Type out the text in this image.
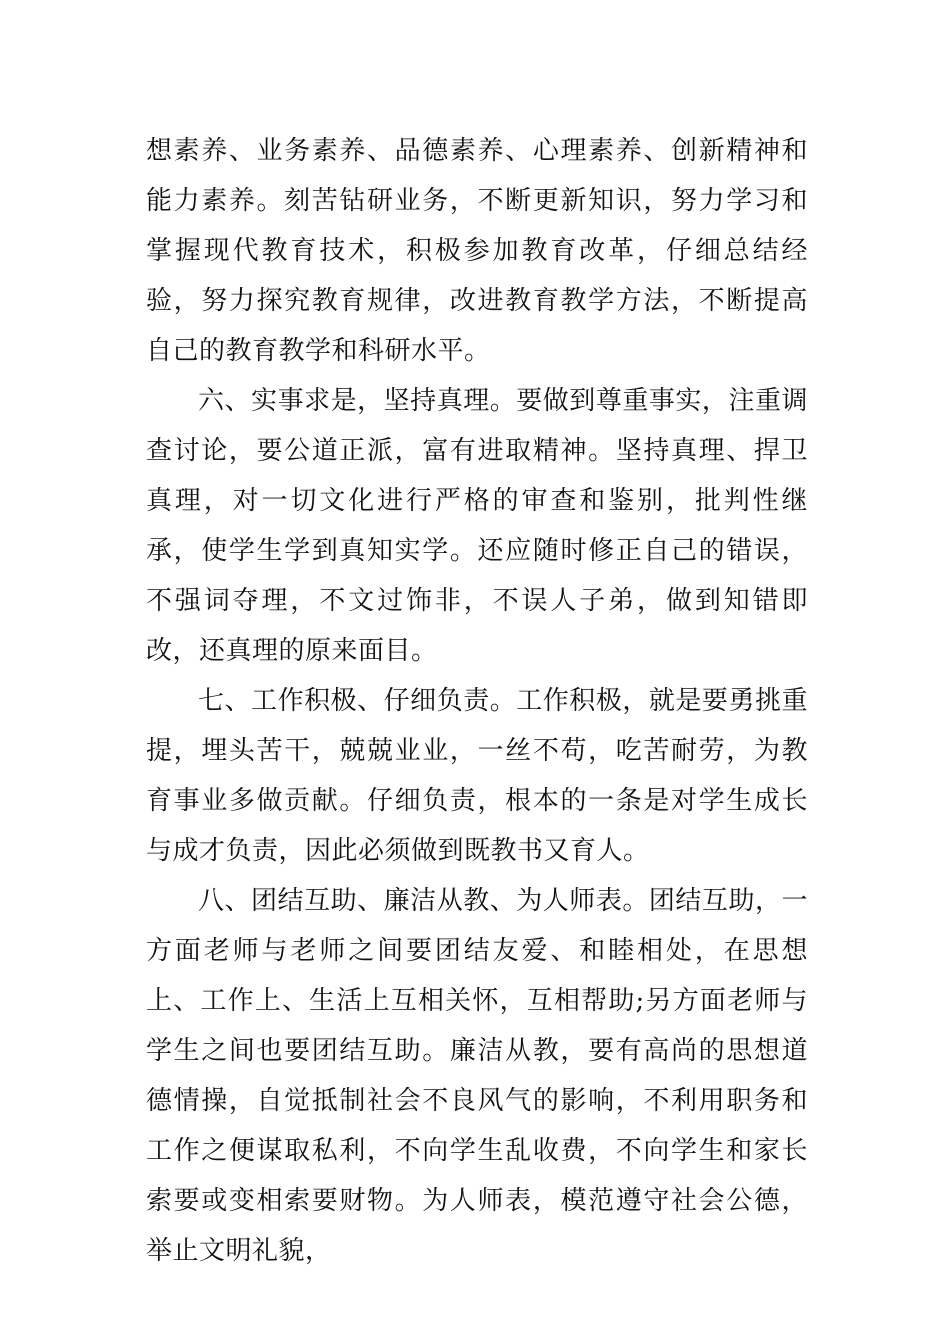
想素养、业务素养、品德素养、心理素养、创新精神和能力素养。刻苦钻研业务，不断更新知识，努力学习和掌握现代教育技术，积极参加教育改革，仔细总结经验，努力探究教育规律，改进教育教学方法，不断提高自己的教育教学和科研水平。

六、实事求是，坚持真理。要做到尊重事实，注重调查讨论，要公道正派，富有进取精神。坚持真理、捍卫真理，对一切文化进行严格的审查和鉴别，批判性继承，使学生学到真知实学。还应随时修正自己的错误，不强词夺理，不文过饰非，不误人子弟，做到知错即改，还真理的原来面目。

七、工作积极、仔细负责。工作积极，就是要勇挑重提，埋头苦干，兢兢业业，一丝不苟，吃苦耐劳，为教育事业多做贡献。仔细负责，根本的一条是对学生成长与成才负责，因此必须做到既教书又育人。

八、团结互助、廉洁从教、为人师表。团结互助，一方面老师与老师之间要团结友爱、和睦相处，在思想上、工作上、生活上互相关怀，互相帮助;另方面老师与学生之间也要团结互助。廉洁从教，要有高尚的思想道德情操，自觉抵制社会不良风气的影响，不利用职务和工作之便谋取私利，不向学生乱收费，不向学生和家长索要或变相索要财物。为人师表，模范遵守社会公德，举止文明礼貌，
